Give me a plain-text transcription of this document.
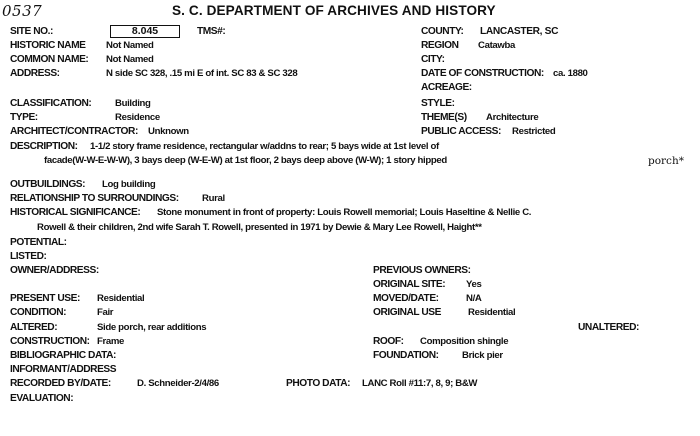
0537	S. C. DEPARTMENT OF ARCHIVES AND HISTORY
SITE NO.:	8.045	TMS#:	COUNTY: LANCASTER, SC
HISTORIC NAME Not Named	REGION Catawba
COMMON NAME: Not Named	CITY:
ADDRESS:	N side SC 328, .15 mi E of int. SC 83 & SC 328	DATE OF CONSTRUCTION: ca. 1880
ACREAGE:
CLASSIFICATION: Building	STYLE:
TYPE:	Residence	THEME(S) Architecture
ARCHITECT/CONTRACTOR: Unknown	PUBLIC ACCESS: Restricted
DESCRIPTION: 1-1/2 story frame residence, rectangular w/addns to rear; 5 bays wide at 1st level of
facade(W-W-E-W-W), 3 bays deep (W-E-W) at 1st floor, 2 bays deep above (W-W); 1 story hipped	porch*
OUTBUILDINGS: Log building
RELATIONSHIP TO SURROUNDINGS: Rural
HISTORICAL SIGNIFICANCE: Stone monument in front of property: Louis Rowell memorial; Louis Haseltine & Nellie C.
Rowell & their children, 2nd wife Sarah T. Rowell, presented in 1971 by Dewie & Mary Lee Rowell, Haight**
POTENTIAL:
LISTED:
OWNER/ADDRESS:	PREVIOUS OWNERS:
ORIGINAL SITE: Yes
PRESENT USE: Residential	MOVED/DATE:	N/A
CONDITION:	Fair	ORIGINAL USE	Residential
ALTERED:	Side porch, rear additions	UNALTERED:
CONSTRUCTION: Frame	ROOF: Composition shingle
BIBLIOGRAPHIC DATA:	FOUNDATION: Brick pier
INFORMANT/ADDRESS
RECORDED BY/DATE:	D. Schneider-2/4/86	PHOTO DATA: LANC Roll #11:7, 8, 9; B&W
EVALUATION:
